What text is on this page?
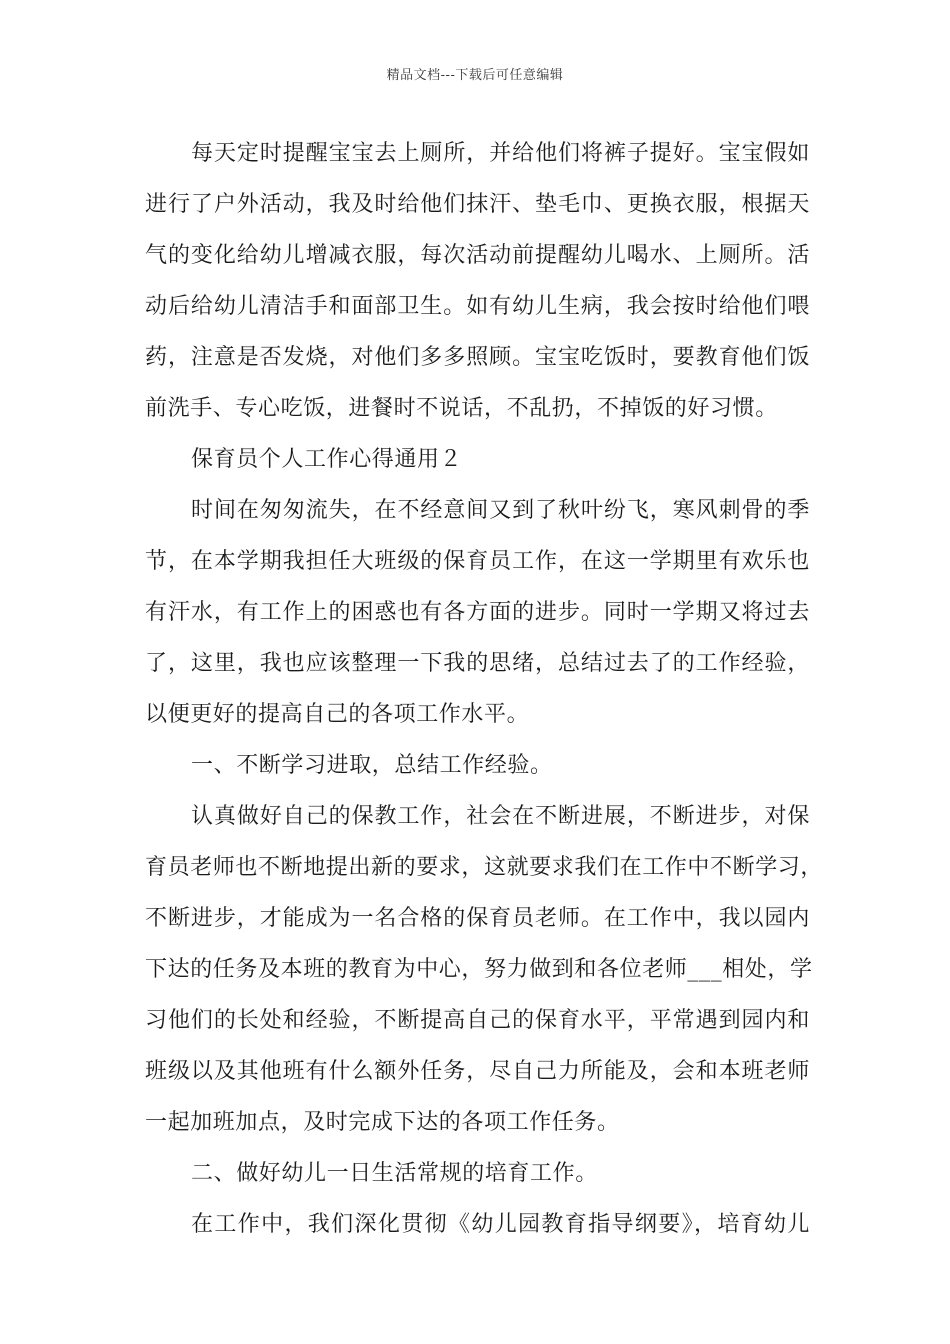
精品文档---下载后可任意编辑
每天定时提醒宝宝去上厕所，并给他们将裤子提好。宝宝假如
进行了户外活动，我及时给他们抹汗、垫毛巾、更换衣服，根据天
气的变化给幼儿增减衣服，每次活动前提醒幼儿喝水、上厕所。活
动后给幼儿清洁手和面部卫生。如有幼儿生病，我会按时给他们喂
药，注意是否发烧，对他们多多照顾。宝宝吃饭时，要教育他们饭
前洗手、专心吃饭，进餐时不说话，不乱扔，不掉饭的好习惯。
保育员个人工作心得通用２
时间在匆匆流失，在不经意间又到了秋叶纷飞，寒风刺骨的季
节，在本学期我担任大班级的保育员工作，在这一学期里有欢乐也
有汗水，有工作上的困惑也有各方面的进步。同时一学期又将过去
了，这里，我也应该整理一下我的思绪，总结过去了的工作经验，
以便更好的提高自己的各项工作水平。
一、不断学习进取，总结工作经验。
认真做好自己的保教工作，社会在不断进展，不断进步，对保
育员老师也不断地提出新的要求，这就要求我们在工作中不断学习，
不断进步，才能成为一名合格的保育员老师。在工作中，我以园内
下达的任务及本班的教育为中心，努力做到和各位老师___相处，学
习他们的长处和经验，不断提高自己的保育水平，平常遇到园内和
班级以及其他班有什么额外任务，尽自己力所能及，会和本班老师
一起加班加点，及时完成下达的各项工作任务。
二、做好幼儿一日生活常规的培育工作。
在工作中，我们深化贯彻《幼儿园教育指导纲要》，培育幼儿
